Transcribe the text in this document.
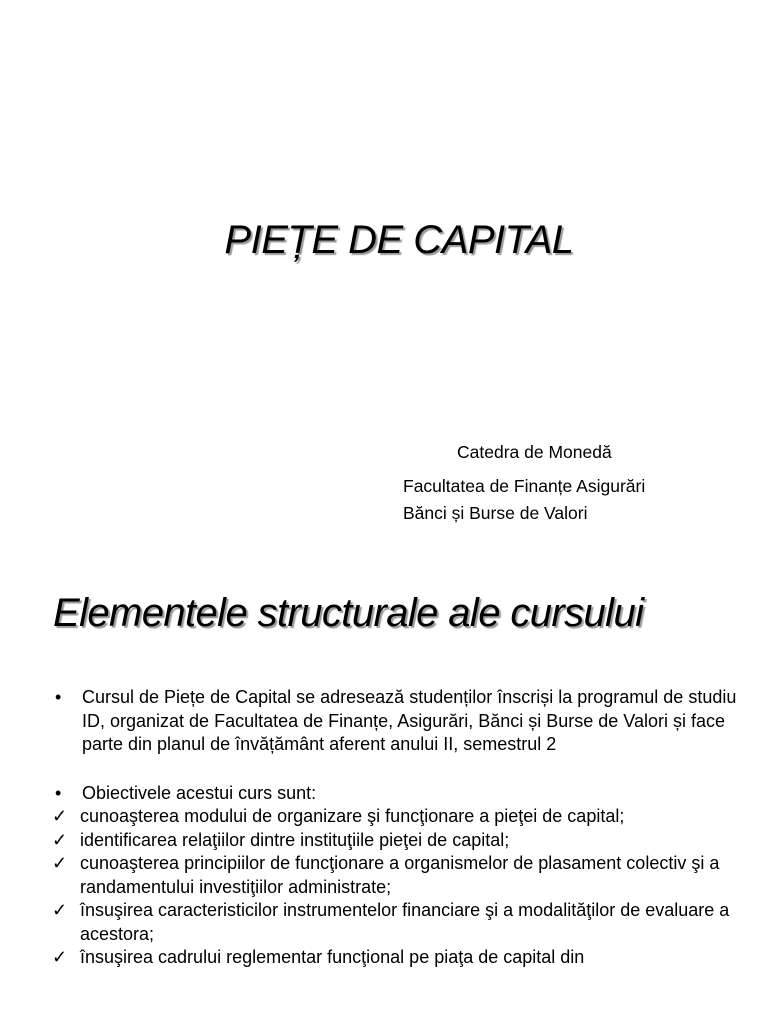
PIEȚE DE CAPITAL

Catedra de Monedă

Facultatea de Finanțe Asigurări
Bănci și Burse de Valori
Elementele structurale ale cursului
• Cursul de Piețe de Capital se adresează studenților înscriși la programul de studiu ID, organizat de Facultatea de Finanțe, Asigurări, Bănci și Burse de Valori și face parte din planul de învățământ aferent anului II, semestrul 2
• Obiectivele acestui curs sunt:
✓ cunoaşterea modului de organizare şi funcţionare a pieţei de capital;
✓ identificarea relaţiilor dintre instituţiile pieţei de capital;
✓ cunoaşterea principiilor de funcţionare a organismelor de plasament colectiv şi a randamentului investiţiilor administrate;
✓ însuşirea caracteristicilor instrumentelor financiare şi a modalităţilor de evaluare a acestora;
✓ însuşirea cadrului reglementar funcţional pe piaţa de capital din
